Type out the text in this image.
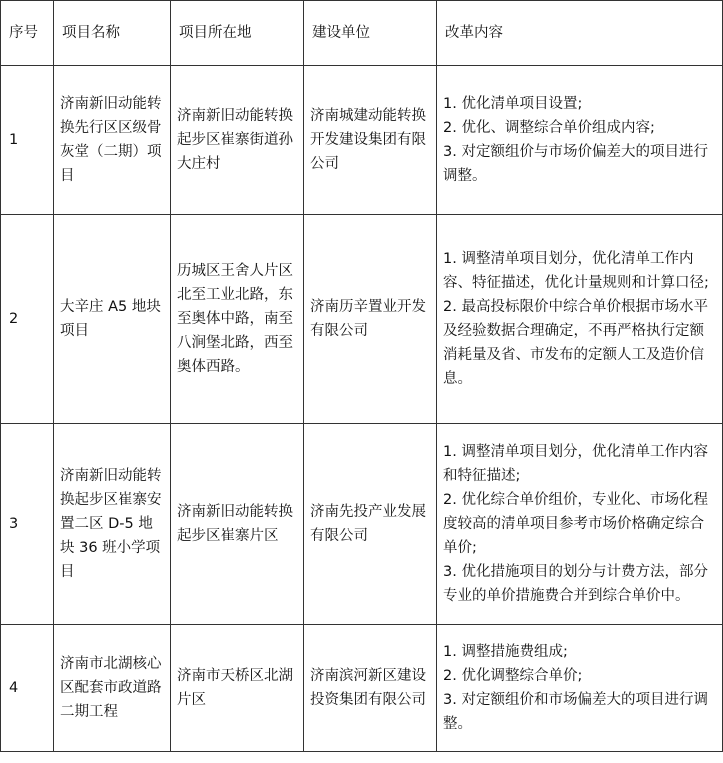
序号	项目名称	项目所在地	建设单位	改革内容
1	济南新旧动能转换先行区区级骨灰堂（二期）项目	济南新旧动能转换起步区崔寨街道孙大庄村	济南城建动能转换开发建设集团有限公司	1. 优化清单项目设置;
2. 优化、调整综合单价组成内容;
3. 对定额组价与市场价偏差大的项目进行调整。

2	大辛庄 A5 地块项目	历城区王舍人片区北至工业北路，东至奥体中路，南至八涧堡北路，西至奥体西路。	济南历辛置业开发有限公司	1. 调整清单项目划分，优化清单工作内容、特征描述，优化计量规则和计算口径;
2. 最高投标限价中综合单价根据市场水平及经验数据合理确定，不再严格执行定额消耗量及省、市发布的定额人工及造价信息。

3	济南新旧动能转换起步区崔寨安置二区 D-5 地块 36 班小学项目	济南新旧动能转换起步区崔寨片区	济南先投产业发展有限公司	1. 调整清单项目划分，优化清单工作内容和特征描述;
2. 优化综合单价组价，专业化、市场化程度较高的清单项目参考市场价格确定综合单价;
3. 优化措施项目的划分与计费方法，部分专业的单价措施费合并到综合单价中。

4	济南市北湖核心区配套市政道路二期工程	济南市天桥区北湖片区	济南滨河新区建设投资集团有限公司	1. 调整措施费组成;
2. 优化调整综合单价;
3. 对定额组价和市场偏差大的项目进行调整。
